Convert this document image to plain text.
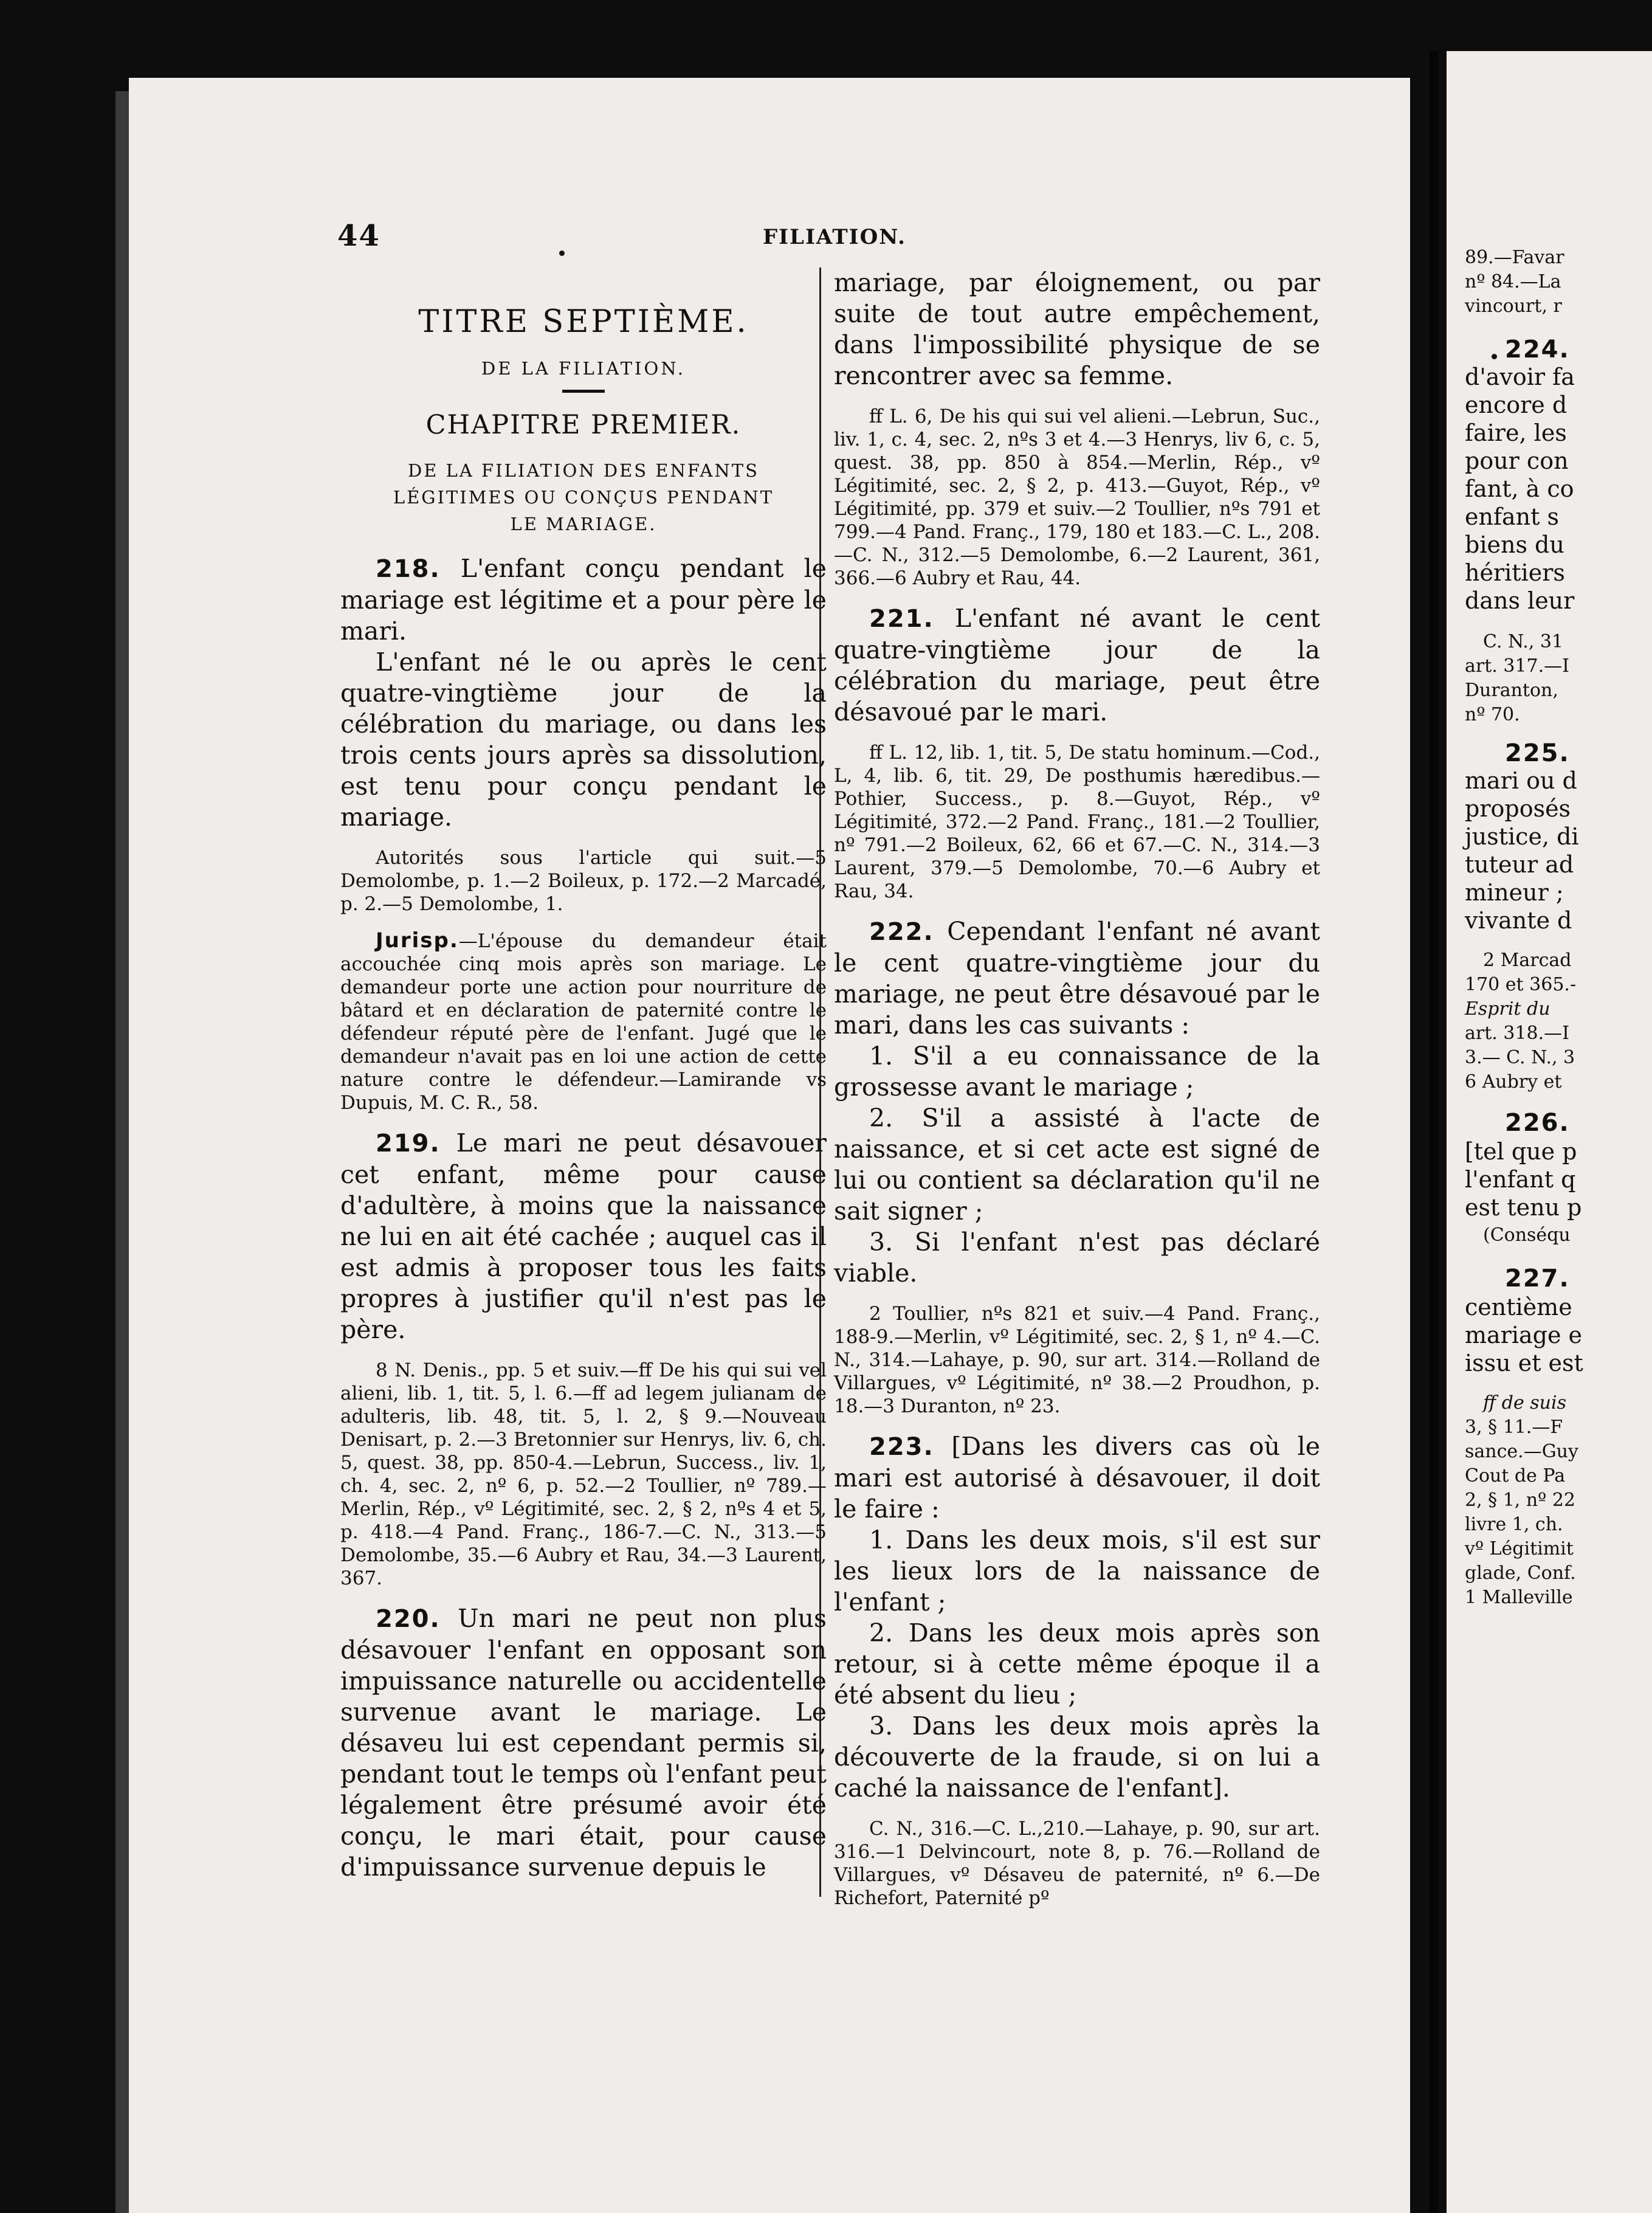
44	FILIATION.

TITRE SEPTIÈME.

DE LA FILIATION.

CHAPITRE PREMIER.

DE LA FILIATION DES ENFANTS LÉGITIMES OU CONÇUS PENDANT LE MARIAGE.

218. L'enfant conçu pendant le mariage est légitime et a pour père le mari.

L'enfant né le ou après le cent quatre-vingtième jour de la célébration du mariage, ou dans les trois cents jours après sa dissolution, est tenu pour conçu pendant le mariage.

Autorités sous l'article qui suit.—5 Demolombe, p. 1.—2 Boileux, p. 172.—2 Marcadé, p. 2.—5 Demolombe, 1.

Jurisp.—L'épouse du demandeur était accouchée cinq mois après son mariage. Le demandeur porte une action pour nourriture de bâtard et en déclaration de paternité contre le défendeur réputé père de l'enfant. Jugé que le demandeur n'avait pas en loi une action de cette nature contre le défendeur.—Lamirande vs Dupuis, M. C. R., 58.

219. Le mari ne peut désavouer cet enfant, même pour cause d'adultère, à moins que la naissance ne lui en ait été cachée ; auquel cas il est admis à proposer tous les faits propres à justifier qu'il n'est pas le père.

8 N. Denis., pp. 5 et suiv.—ff De his qui sui vel alieni, lib. 1, tit. 5, l. 6.—ff ad legem julianam de adulteris, lib. 48, tit. 5, l. 2, § 9.—Nouveau Denisart, p. 2.—3 Bretonnier sur Henrys, liv. 6, ch. 5, quest. 38, pp. 850-4.—Lebrun, Success., liv. 1, ch. 4, sec. 2, nº 6, p. 52.—2 Toullier, nº 789.—Merlin, Rép., vº Légitimité, sec. 2, § 2, nºs 4 et 5, p. 418.—4 Pand. Franç., 186-7.—C. N., 313.—5 Demolombe, 35.—6 Aubry et Rau, 34.—3 Laurent, 367.

220. Un mari ne peut non plus désavouer l'enfant en opposant son impuissance naturelle ou accidentelle survenue avant le mariage. Le désaveu lui est cependant permis si, pendant tout le temps où l'enfant peut légalement être présumé avoir été conçu, le mari était, pour cause d'impuissance survenue depuis le

mariage, par éloignement, ou par suite de tout autre empêchement, dans l'impossibilité physique de se rencontrer avec sa femme.

ff L. 6, De his qui sui vel alieni.—Lebrun, Suc., liv. 1, c. 4, sec. 2, nºs 3 et 4.—3 Henrys, liv 6, c. 5, quest. 38, pp. 850 à 854.—Merlin, Rép., vº Légitimité, sec. 2, § 2, p. 413.—Guyot, Rép., vº Légitimité, pp. 379 et suiv.—2 Toullier, nºs 791 et 799.—4 Pand. Franç., 179, 180 et 183.—C. L., 208.—C. N., 312.—5 Demolombe, 6.—2 Laurent, 361, 366.—6 Aubry et Rau, 44.

221. L'enfant né avant le cent quatre-vingtième jour de la célébration du mariage, peut être désavoué par le mari.

ff L. 12, lib. 1, tit. 5, De statu hominum.—Cod., L, 4, lib. 6, tit. 29, De posthumis hæredibus.—Pothier, Success., p. 8.—Guyot, Rép., vº Légitimité, 372.—2 Pand. Franç., 181.—2 Toullier, nº 791.—2 Boileux, 62, 66 et 67.—C. N., 314.—3 Laurent, 379.—5 Demolombe, 70.—6 Aubry et Rau, 34.

222. Cependant l'enfant né avant le cent quatre-vingtième jour du mariage, ne peut être désavoué par le mari, dans les cas suivants :

1. S'il a eu connaissance de la grossesse avant le mariage ;

2. S'il a assisté à l'acte de naissance, et si cet acte est signé de lui ou contient sa déclaration qu'il ne sait signer ;

3. Si l'enfant n'est pas déclaré viable.

2 Toullier, nºs 821 et suiv.—4 Pand. Franç., 188-9.—Merlin, vº Légitimité, sec. 2, § 1, nº 4.—C. N., 314.—Lahaye, p. 90, sur art. 314.—Rolland de Villargues, vº Légitimité, nº 38.—2 Proudhon, p. 18.—3 Duranton, nº 23.

223. [Dans les divers cas où le mari est autorisé à désavouer, il doit le faire :

1. Dans les deux mois, s'il est sur les lieux lors de la naissance de l'enfant ;

2. Dans les deux mois après son retour, si à cette même époque il a été absent du lieu ;

3. Dans les deux mois après la découverte de la fraude, si on lui a caché la naissance de l'enfant].

C. N., 316.—C. L.,210.—Lahaye, p. 90, sur art. 316.—1 Delvincourt, note 8, p. 76.—Rolland de Villargues, vº Désaveu de paternité, nº 6.—De Richefort, Paternité pº

89.—Favar
nº 84.—La
vincourt, r
224.
d'avoir fa
encore d
faire, les
pour con
fant, à co
enfant s
biens du
héritiers
dans leur
C. N., 31
art. 317.—I
Duranton,
nº 70.
225.
mari ou d
proposés
justice, di
tuteur ad
mineur ;
vivante d
2 Marcad
170 et 365.-
Esprit du
art. 318.—I
3.— C. N., 3
6 Aubry et
226.
[tel que p
l'enfant q
est tenu p
(Conséqu
227.
centième
mariage e
issu et est
ff de suis
3, § 11.—F
sance.—Guy
Cout de Pa
2, § 1, nº 22
livre 1, ch.
vº Légitimit
glade, Conf.
1 Malleville
